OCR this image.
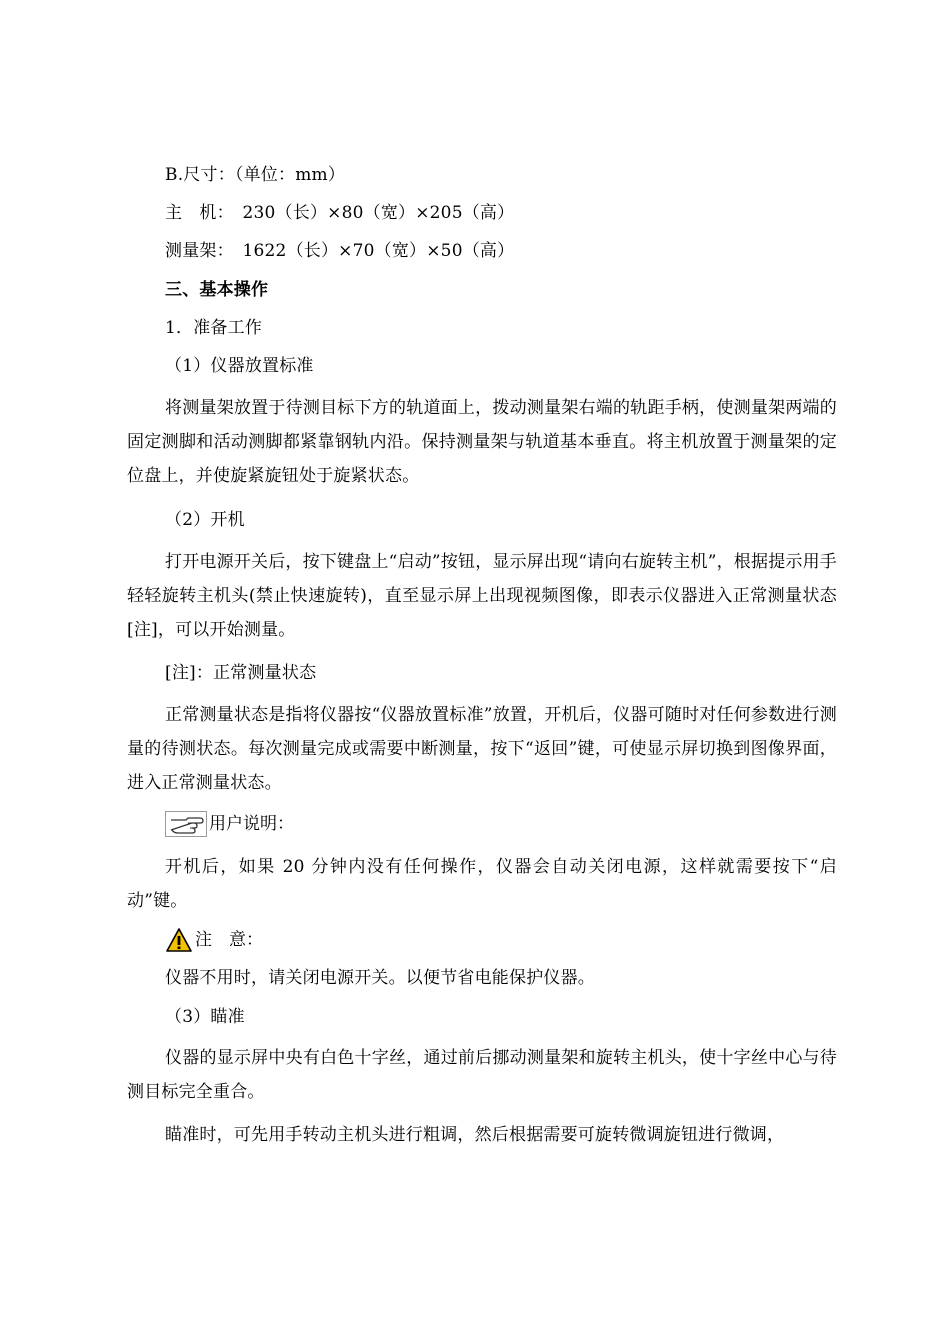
B.尺寸：（单位：mm）
主　机：　230（长）×80（宽）×205（高）
测量架：　1622（长）×70（宽）×50（高）
三、基本操作
1．准备工作
（1）仪器放置标准
将测量架放置于待测目标下方的轨道面上，拨动测量架右端的轨距手柄，使测量架两端的固定测脚和活动测脚都紧靠钢轨内沿。保持测量架与轨道基本垂直。将主机放置于测量架的定位盘上，并使旋紧旋钮处于旋紧状态。
（2）开机
打开电源开关后，按下键盘上“启动”按钮，显示屏出现“请向右旋转主机”，根据提示用手轻轻旋转主机头(禁止快速旋转)，直至显示屏上出现视频图像，即表示仪器进入正常测量状态[注]，可以开始测量。
[注]：正常测量状态
正常测量状态是指将仪器按“仪器放置标准”放置，开机后，仪器可随时对任何参数进行测量的待测状态。每次测量完成或需要中断测量，按下“返回”键，可使显示屏切换到图像界面，进入正常测量状态。
用户说明：
开机后，如果 20 分钟内没有任何操作，仪器会自动关闭电源，这样就需要按下“启动”键。
注　意：
仪器不用时，请关闭电源开关。以便节省电能保护仪器。
（3）瞄准
仪器的显示屏中央有白色十字丝，通过前后挪动测量架和旋转主机头，使十字丝中心与待测目标完全重合。
瞄准时，可先用手转动主机头进行粗调，然后根据需要可旋转微调旋钮进行微调，
